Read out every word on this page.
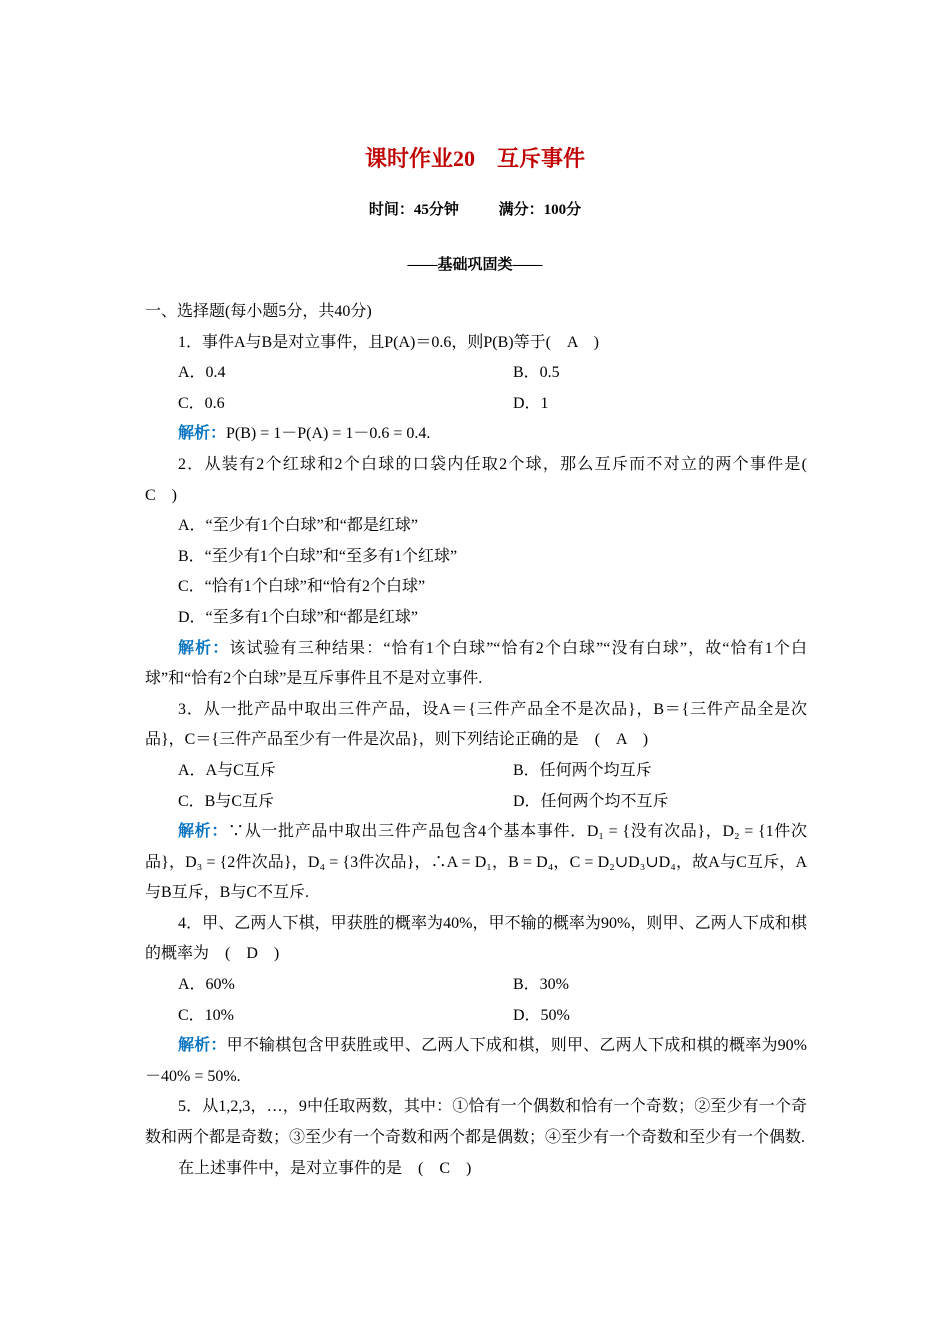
课时作业20　互斥事件
时间：45分钟	满分：100分
——基础巩固类——

一、选择题(每小题5分，共40分)

1．事件A与B是对立事件，且P(A)＝0.6，则P(B)等于(　A　)

A．0.4	B．0.5
C．0.6	D．1

解析：P(B) = 1－P(A) = 1－0.6 = 0.4.

2．从装有2个红球和2个白球的口袋内任取2个球，那么互斥而不对立的两个事件是(　C　)

A．“至少有1个白球”和“都是红球”

B．“至少有1个白球”和“至多有1个红球”

C．“恰有1个白球”和“恰有2个白球”

D．“至多有1个白球”和“都是红球”

解析：该试验有三种结果：“恰有1个白球”“恰有2个白球”“没有白球”，故“恰有1个白球”和“恰有2个白球”是互斥事件且不是对立事件.

3．从一批产品中取出三件产品，设A＝{三件产品全不是次品}，B＝{三件产品全是次品}，C＝{三件产品至少有一件是次品}，则下列结论正确的是　(　A　)

A．A与C互斥	B．任何两个均互斥
C．B与C互斥	D．任何两个均不互斥

解析：∵从一批产品中取出三件产品包含4个基本事件．D₁ = {没有次品}，D₂ = {1件次品}，D₃ = {2件次品}，D₄ = {3件次品}，∴A = D₁，B = D₄，C = D₂∪D₃∪D₄，故A与C互斥，A与B互斥，B与C不互斥.

4．甲、乙两人下棋，甲获胜的概率为40%，甲不输的概率为90%，则甲、乙两人下成和棋的概率为　(　D　)

A．60%	B．30%
C．10%	D．50%

解析：甲不输棋包含甲获胜或甲、乙两人下成和棋，则甲、乙两人下成和棋的概率为90%－40% = 50%.

5．从1,2,3，…，9中任取两数，其中：①恰有一个偶数和恰有一个奇数；②至少有一个奇数和两个都是奇数；③至少有一个奇数和两个都是偶数；④至少有一个奇数和至少有一个偶数.

在上述事件中，是对立事件的是　(　C　)
